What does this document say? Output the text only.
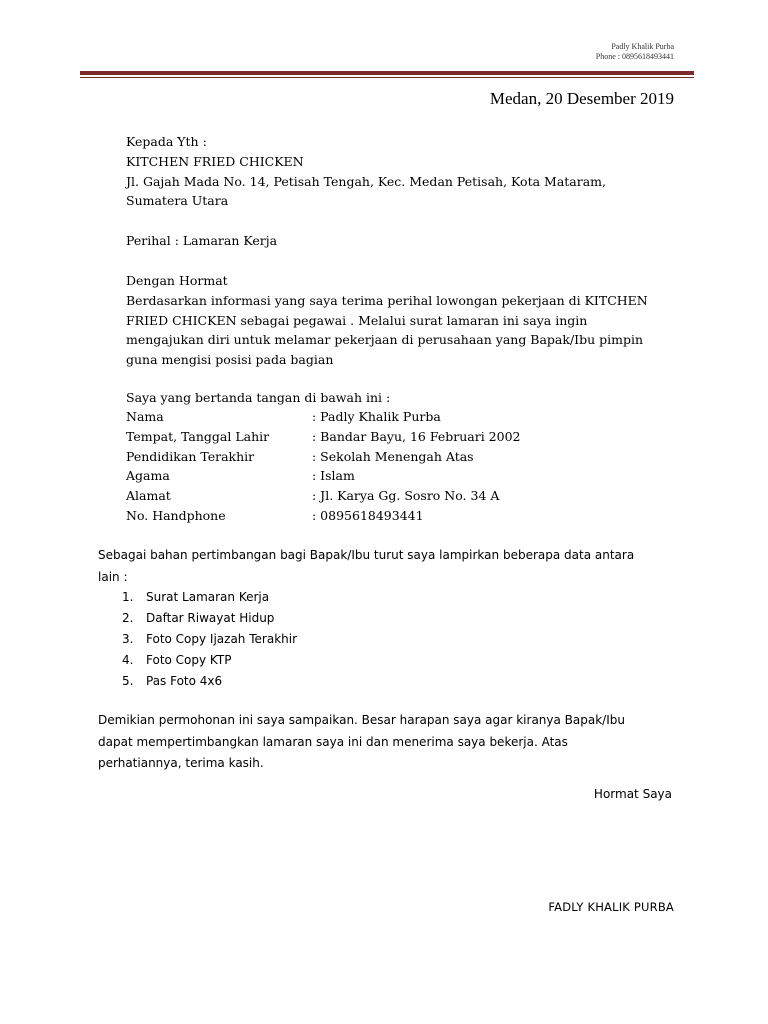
Padly Khalik Purba
Phone : 0895618493441
Medan, 20 Desember 2019

Kepada Yth :

KITCHEN FRIED CHICKEN

Jl. Gajah Mada No. 14, Petisah Tengah, Kec. Medan Petisah, Kota Mataram,

Sumatera Utara

Perihal : Lamaran Kerja

Dengan Hormat

Berdasarkan informasi yang saya terima perihal lowongan pekerjaan di KITCHEN

FRIED CHICKEN sebagai pegawai . Melalui surat lamaran ini saya ingin

mengajukan diri untuk melamar pekerjaan di perusahaan yang Bapak/Ibu pimpin

guna mengisi posisi pada bagian

Saya yang bertanda tangan di bawah ini :
Nama	: Padly Khalik Purba
Tempat, Tanggal Lahir	: Bandar Bayu, 16 Februari 2002
Pendidikan Terakhir	: Sekolah Menengah Atas
Agama	: Islam
Alamat	: Jl. Karya Gg. Sosro No. 34 A
No. Handphone	: 0895618493441

Sebagai bahan pertimbangan bagi Bapak/Ibu turut saya lampirkan beberapa data antara

lain :

1. Surat Lamaran Kerja
2. Daftar Riwayat Hidup
3. Foto Copy Ijazah Terakhir
4. Foto Copy KTP
5. Pas Foto 4x6

Demikian permohonan ini saya sampaikan. Besar harapan saya agar kiranya Bapak/Ibu

dapat mempertimbangkan lamaran saya ini dan menerima saya bekerja. Atas

perhatiannya, terima kasih.

Hormat Saya
FADLY KHALIK PURBA
